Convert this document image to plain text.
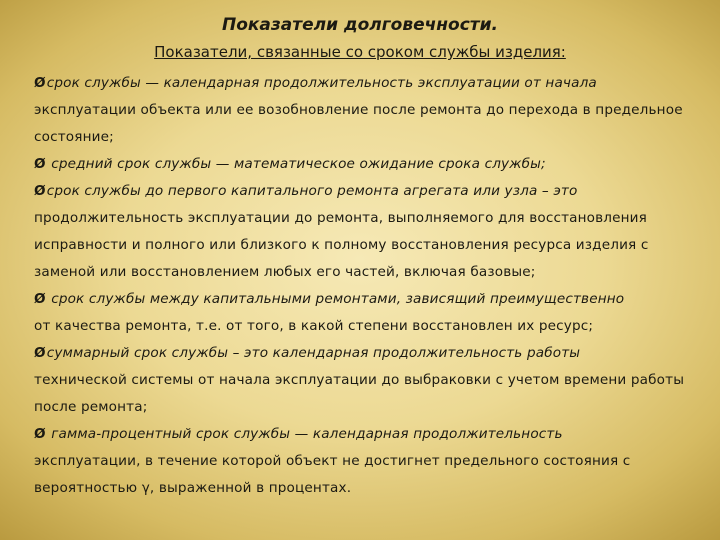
Показатели долговечности.
Показатели, связанные со сроком службы изделия:

Øсрок службы — календарная продолжительность эксплуатации от начала
эксплуатации объекта или ее возобновление после ремонта до перехода в предельное состояние;

Ø средний срок службы — математическое ожидание срока службы;

Øсрок службы до первого капитального ремонта агрегата или узла – это
продолжительность эксплуатации до ремонта, выполняемого для восстановления исправности и полного или близкого к полному восстановления ресурса изделия с заменой или восстановлением любых его частей, включая базовые;

Ø срок службы между капитальными ремонтами, зависящий преимущественно
от качества ремонта, т.е. от того, в какой степени восстановлен их ресурс;

Øсуммарный срок службы – это календарная продолжительность работы
технической системы от начала эксплуатации до выбраковки с учетом времени работы после ремонта;

Ø гамма-процентный срок службы — календарная продолжительность
эксплуатации, в течение которой объект не достигнет предельного состояния с вероятностью γ, выраженной в процентах.
